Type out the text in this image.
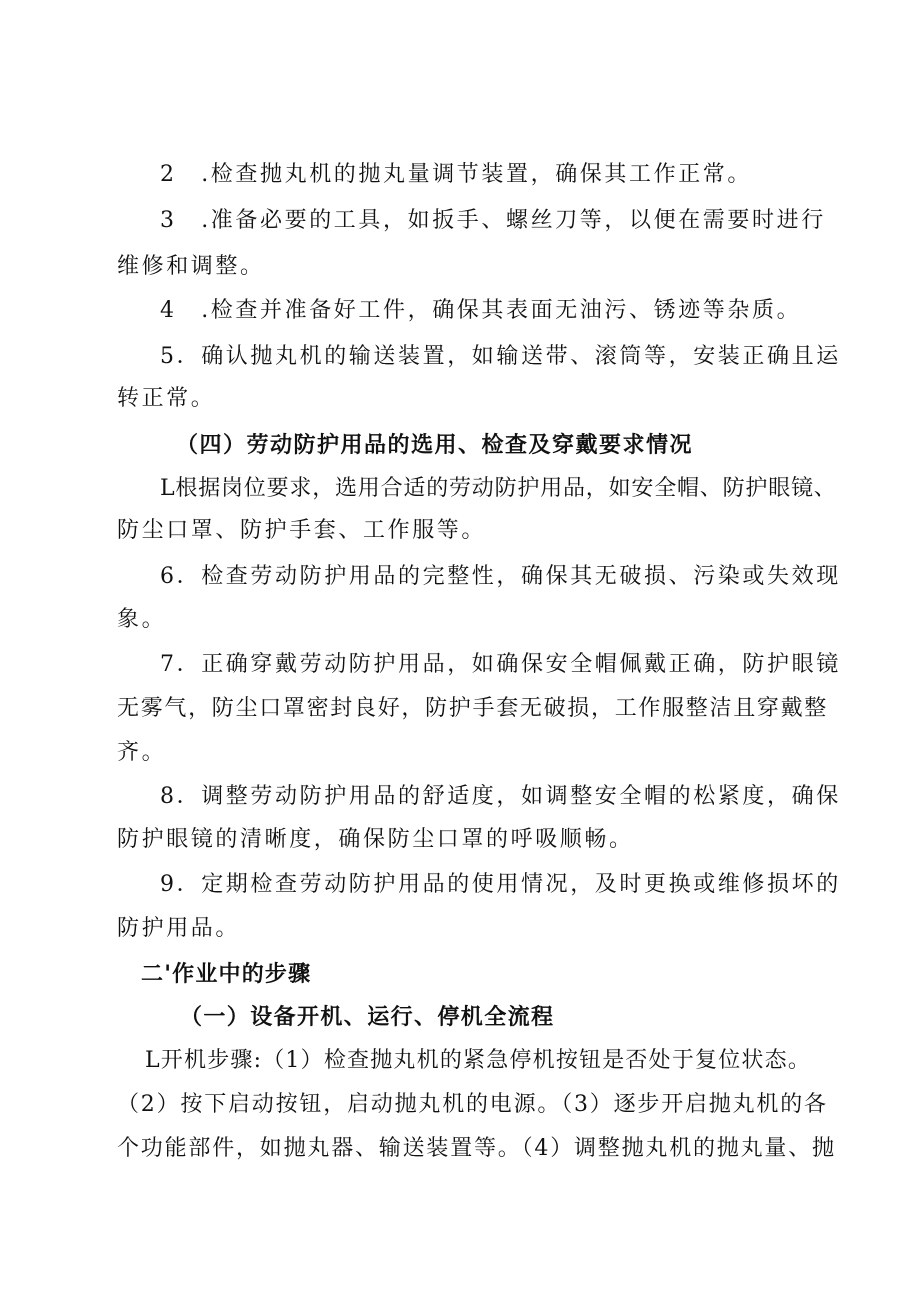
2　.检查抛丸机的抛丸量调节装置，确保其工作正常。
3　.准备必要的工具，如扳手、螺丝刀等，以便在需要时进行
维修和调整。
4　.检查并准备好工件，确保其表面无油污、锈迹等杂质。
5．确认抛丸机的输送装置，如输送带、滚筒等，安装正确且运
转正常。
（四）劳动防护用品的选用、检查及穿戴要求情况
L根据岗位要求，选用合适的劳动防护用品，如安全帽、防护眼镜、
防尘口罩、防护手套、工作服等。
6．检查劳动防护用品的完整性，确保其无破损、污染或失效现
象。
7．正确穿戴劳动防护用品，如确保安全帽佩戴正确，防护眼镜
无雾气，防尘口罩密封良好，防护手套无破损，工作服整洁且穿戴整
齐。
8．调整劳动防护用品的舒适度，如调整安全帽的松紧度，确保
防护眼镜的清晰度，确保防尘口罩的呼吸顺畅。
9．定期检查劳动防护用品的使用情况，及时更换或维修损坏的
防护用品。
二'作业中的步骤
（一）设备开机、运行、停机全流程
L开机步骤:（1）检查抛丸机的紧急停机按钮是否处于复位状态。
（2）按下启动按钮，启动抛丸机的电源。（3）逐步开启抛丸机的各
个功能部件，如抛丸器、输送装置等。（4）调整抛丸机的抛丸量、抛
